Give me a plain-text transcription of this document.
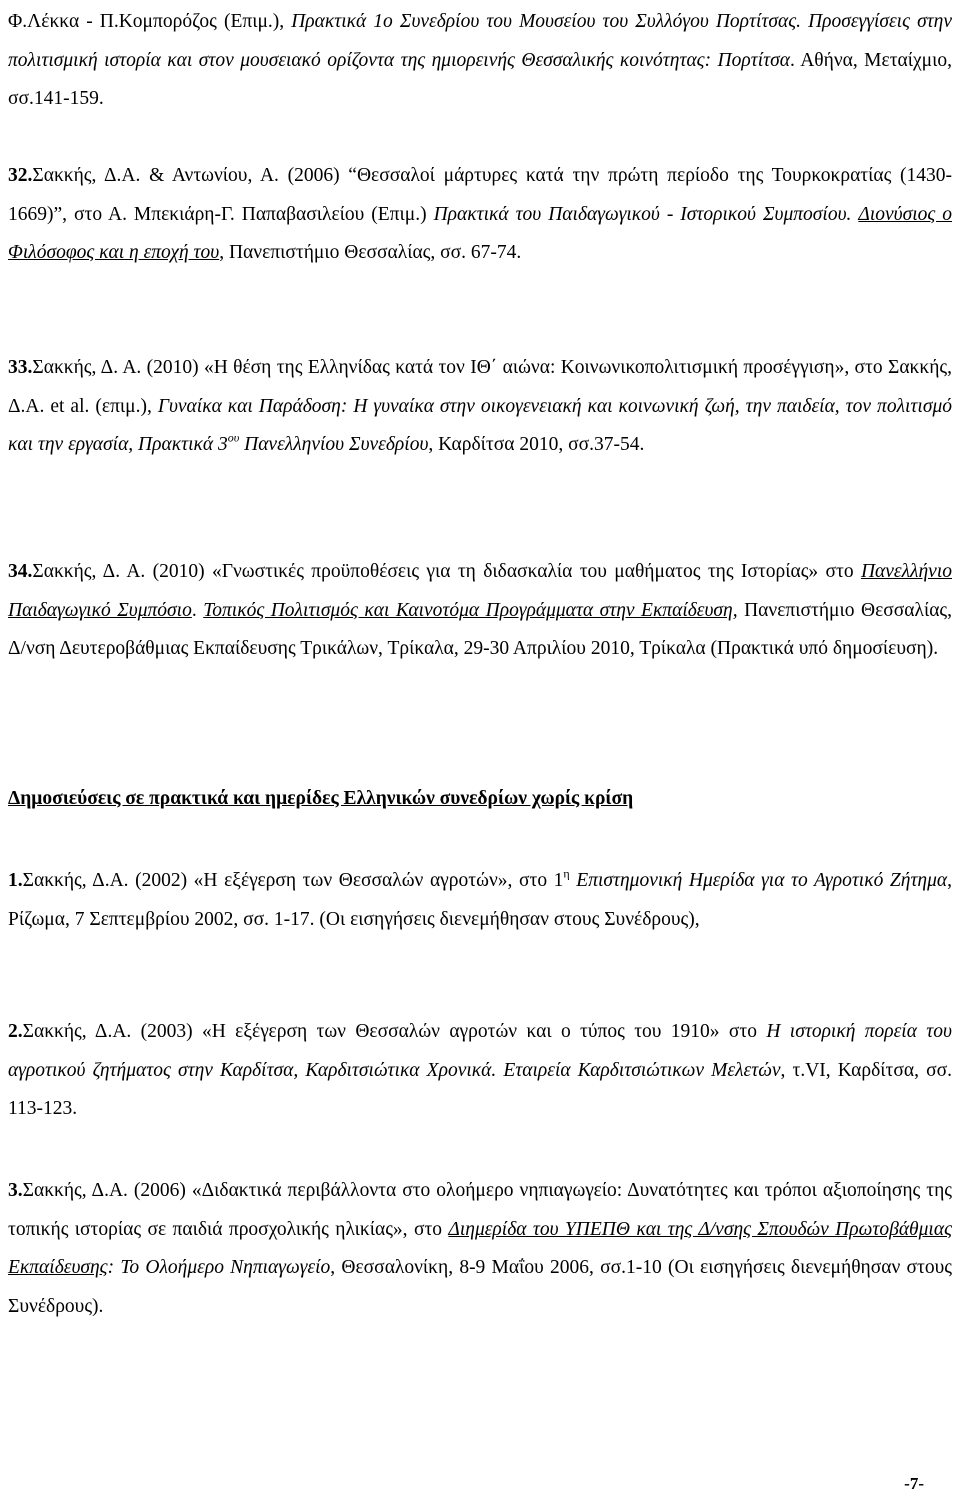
Φ.Λέκκα - Π.Κομπορόζος (Επιμ.), Πρακτικά 1ο Συνεδρίου του Μουσείου του Συλλόγου Πορτίτσας. Προσεγγίσεις στην πολιτισμική ιστορία και στον μουσειακό ορίζοντα της ημιορεινής Θεσσαλικής κοινότητας: Πορτίτσα. Αθήνα, Μεταίχμιο, σσ.141-159.

32.Σακκής, Δ.Α. & Αντωνίου, Α. (2006) “Θεσσαλοί μάρτυρες κατά την πρώτη περίοδο της Τουρκοκρατίας (1430-1669)”, στο Α. Μπεκιάρη-Γ. Παπαβασιλείου (Επιμ.) Πρακτικά του Παιδαγωγικού - Ιστορικού Συμποσίου. Διονύσιος ο Φιλόσοφος και η εποχή του, Πανεπιστήμιο Θεσσαλίας, σσ. 67-74.

33.Σακκής, Δ. Α. (2010) «Η θέση της Ελληνίδας κατά τον ΙΘ΄ αιώνα: Κοινωνικοπολιτισμική προσέγγιση», στο Σακκής, Δ.Α. et al. (επιμ.), Γυναίκα και Παράδοση: Η γυναίκα στην οικογενειακή και κοινωνική ζωή, την παιδεία, τον πολιτισμό και την εργασία, Πρακτικά $3^{o\upsilon}$ Πανελληνίου Συνεδρίου, Καρδίτσα 2010, σσ.37-54.

34.Σακκής, Δ. Α. (2010) «Γνωστικές προϋποθέσεις για τη διδασκαλία του μαθήματος της Ιστορίας» στο Πανελλήνιο Παιδαγωγικό Συμπόσιο. Τοπικός Πολιτισμός και Καινοτόμα Προγράμματα στην Εκπαίδευση, Πανεπιστήμιο Θεσσαλίας, Δ/νση Δευτεροβάθμιας Εκπαίδευσης Τρικάλων, Τρίκαλα, 29-30 Απριλίου 2010, Τρίκαλα (Πρακτικά υπό δημοσίευση).

Δημοσιεύσεις σε πρακτικά και ημερίδες Ελληνικών συνεδρίων χωρίς κρίση

1.Σακκής, Δ.Α. (2002) «Η εξέγερση των Θεσσαλών αγροτών», στο $1^\eta$ Επιστημονική Ημερίδα για το Αγροτικό Ζήτημα, Ρίζωμα, 7 Σεπτεμβρίου 2002, σσ. 1-17. (Οι εισηγήσεις διενεμήθησαν στους Συνέδρους),

2.Σακκής, Δ.Α. (2003) «Η εξέγερση των Θεσσαλών αγροτών και ο τύπος του 1910» στο Η ιστορική πορεία του αγροτικού ζητήματος στην Καρδίτσα, Καρδιτσιώτικα Χρονικά. Εταιρεία Καρδιτσιώτικων Μελετών, τ.VI, Καρδίτσα, σσ. 113-123.

3.Σακκής, Δ.Α. (2006) «Διδακτικά περιβάλλοντα στο ολοήμερο νηπιαγωγείο: Δυνατότητες και τρόποι αξιοποίησης της τοπικής ιστορίας σε παιδιά προσχολικής ηλικίας», στο Διημερίδα του ΥΠΕΠΘ και της Δ/νσης Σπουδών Πρωτοβάθμιας Εκπαίδευσης: Το Ολοήμερο Νηπιαγωγείο, Θεσσαλονίκη, 8-9 Μαΐου 2006, σσ.1-10 (Οι εισηγήσεις διενεμήθησαν στους Συνέδρους).

-7-
